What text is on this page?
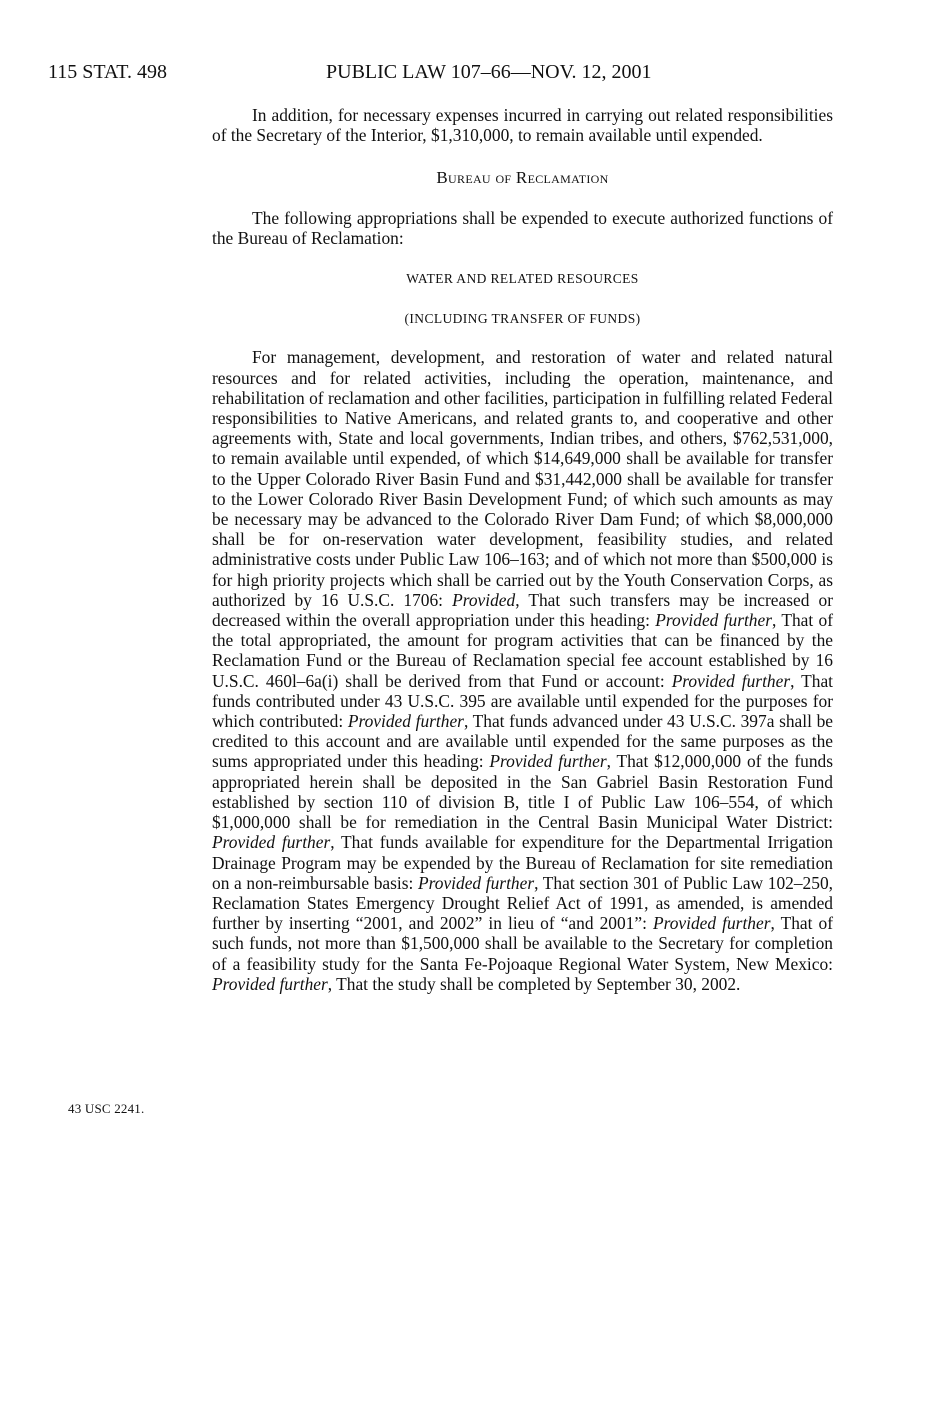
115 STAT. 498	PUBLIC LAW 107–66—NOV. 12, 2001
43 USC 2241.

In addition, for necessary expenses incurred in carrying out related responsibilities of the Secretary of the Interior, $1,310,000, to remain available until expended.

Bureau of Reclamation

The following appropriations shall be expended to execute authorized functions of the Bureau of Reclamation:

WATER AND RELATED RESOURCES

(INCLUDING TRANSFER OF FUNDS)

For management, development, and restoration of water and related natural resources and for related activities, including the operation, maintenance, and rehabilitation of reclamation and other facilities, participation in fulfilling related Federal responsibilities to Native Americans, and related grants to, and cooperative and other agreements with, State and local governments, Indian tribes, and others, $762,531,000, to remain available until expended, of which $14,649,000 shall be available for transfer to the Upper Colorado River Basin Fund and $31,442,000 shall be available for transfer to the Lower Colorado River Basin Development Fund; of which such amounts as may be necessary may be advanced to the Colorado River Dam Fund; of which $8,000,000 shall be for on-reservation water development, feasibility studies, and related administrative costs under Public Law 106–163; and of which not more than $500,000 is for high priority projects which shall be carried out by the Youth Conservation Corps, as authorized by 16 U.S.C. 1706: Provided, That such transfers may be increased or decreased within the overall appropriation under this heading: Provided further, That of the total appropriated, the amount for program activities that can be financed by the Reclamation Fund or the Bureau of Reclamation special fee account established by 16 U.S.C. 460l–6a(i) shall be derived from that Fund or account: Provided further, That funds contributed under 43 U.S.C. 395 are available until expended for the purposes for which contributed: Provided further, That funds advanced under 43 U.S.C. 397a shall be credited to this account and are available until expended for the same purposes as the sums appropriated under this heading: Provided further, That $12,000,000 of the funds appropriated herein shall be deposited in the San Gabriel Basin Restoration Fund established by section 110 of division B, title I of Public Law 106–554, of which $1,000,000 shall be for remediation in the Central Basin Municipal Water District: Provided further, That funds available for expenditure for the Departmental Irrigation Drainage Program may be expended by the Bureau of Reclamation for site remediation on a non-reimbursable basis: Provided further, That section 301 of Public Law 102–250, Reclamation States Emergency Drought Relief Act of 1991, as amended, is amended further by inserting “2001, and 2002” in lieu of “and 2001”: Provided further, That of such funds, not more than $1,500,000 shall be available to the Secretary for completion of a feasibility study for the Santa Fe-Pojoaque Regional Water System, New Mexico: Provided further, That the study shall be completed by September 30, 2002.
